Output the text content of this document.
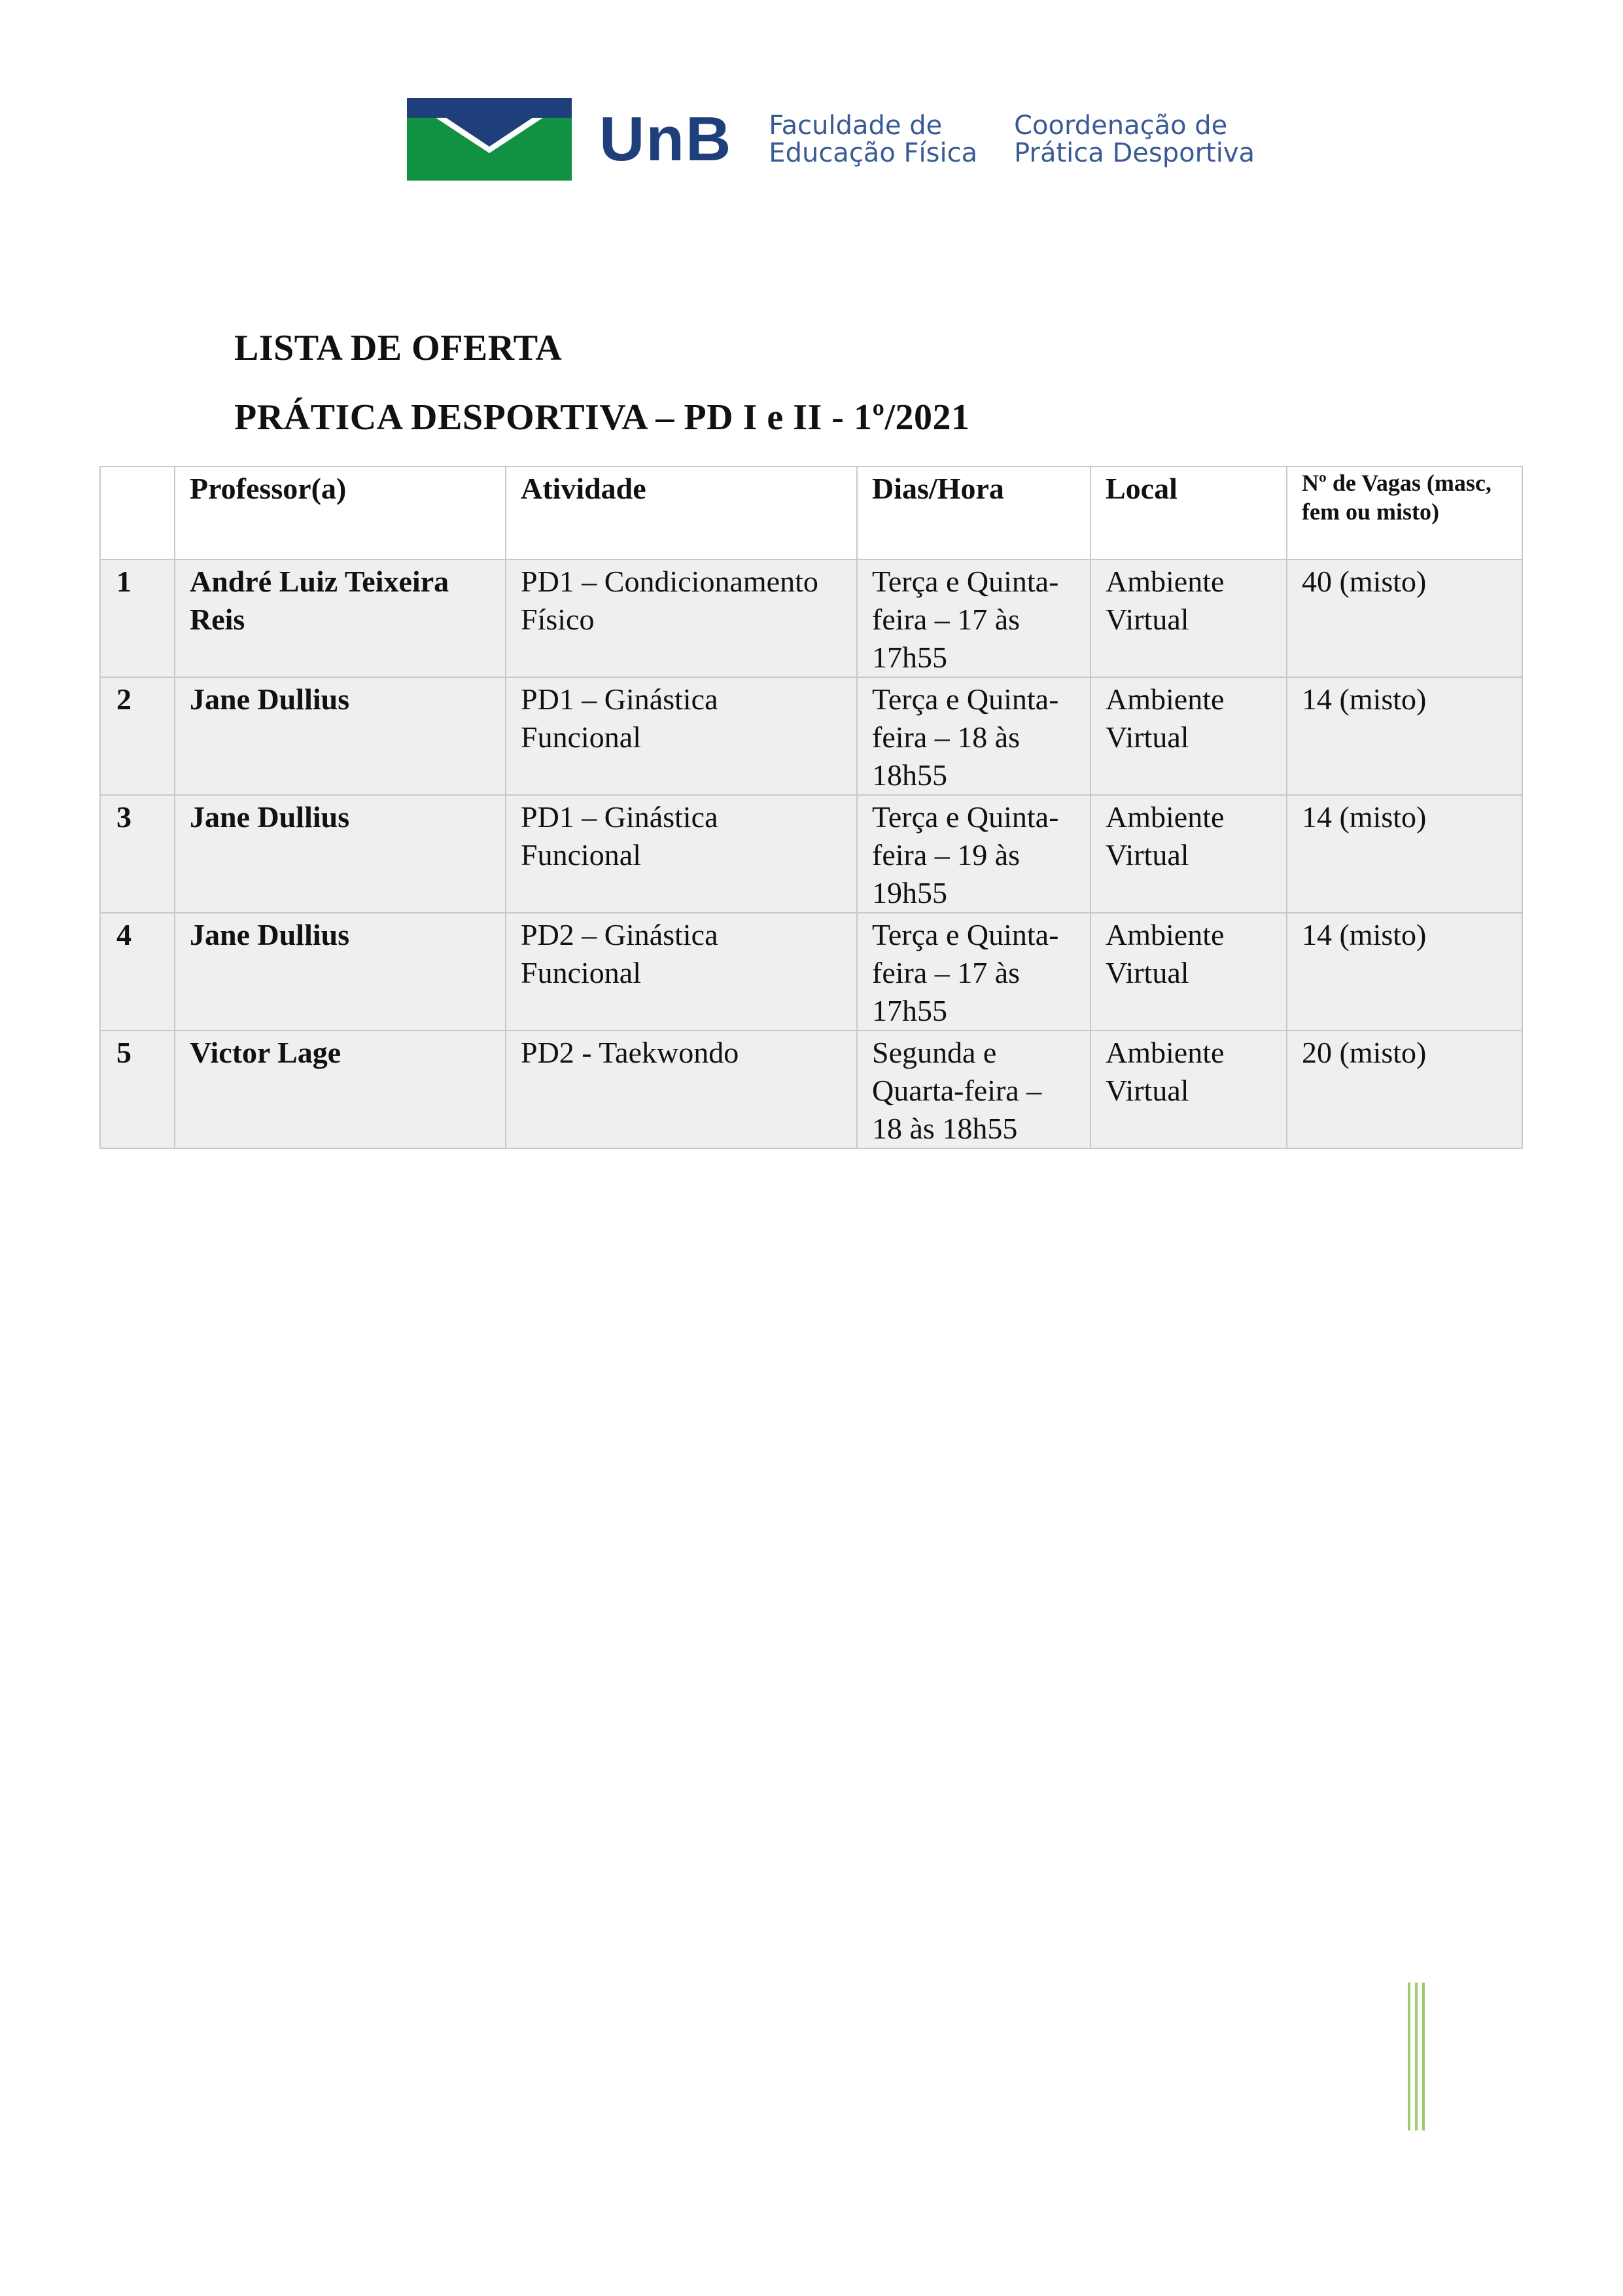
UnB Faculdade de
Educação Física
Coordenação de
Prática Desportiva
LISTA DE OFERTA
PRÁTICA DESPORTIVA – PD I e II - 1º/2021
	Professor(a)	Atividade	Dias/Hora	Local	Nº de Vagas (masc, fem ou misto)
1	André Luiz Teixeira Reis	PD1 – Condicionamento Físico	Terça e Quinta-feira – 17 às 17h55	Ambiente Virtual	40 (misto)
2	Jane Dullius	PD1 – Ginástica Funcional	Terça e Quinta-feira – 18 às 18h55	Ambiente Virtual	14 (misto)
3	Jane Dullius	PD1 – Ginástica Funcional	Terça e Quinta-feira – 19 às 19h55	Ambiente Virtual	14 (misto)
4	Jane Dullius	PD2 – Ginástica Funcional	Terça e Quinta-feira – 17 às 17h55	Ambiente Virtual	14 (misto)
5	Victor Lage	PD2 - Taekwondo	Segunda e Quarta-feira – 18 às 18h55	Ambiente Virtual	20 (misto)
